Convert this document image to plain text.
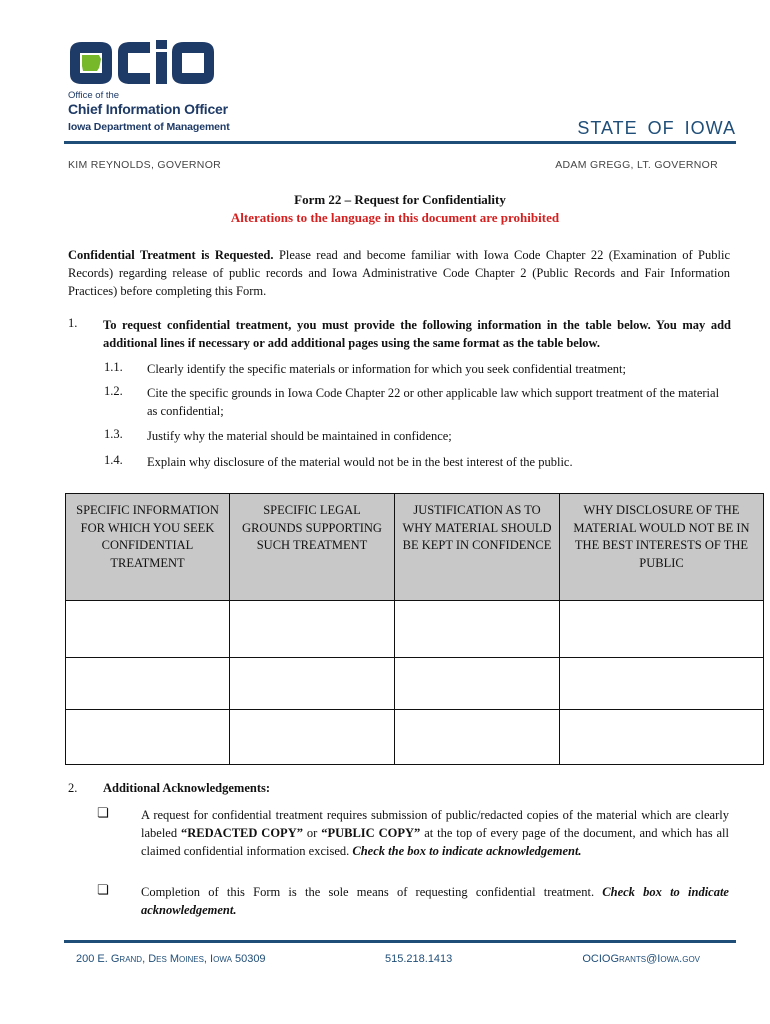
Office of the
Chief Information Officer
Iowa Department of Management	STATE OF IOWA
KIM REYNOLDS, GOVERNOR	ADAM GREGG, LT. GOVERNOR
Form 22 – Request for Confidentiality
Alterations to the language in this document are prohibited
Confidential Treatment is Requested. Please read and become familiar with Iowa Code Chapter 22 (Examination of Public Records) regarding release of public records and Iowa Administrative Code Chapter 2 (Public Records and Fair Information Practices) before completing this Form.
1. To request confidential treatment, you must provide the following information in the table below. You may add additional lines if necessary or add additional pages using the same format as the table below.
1.1. Clearly identify the specific materials or information for which you seek confidential treatment;
1.2. Cite the specific grounds in Iowa Code Chapter 22 or other applicable law which support treatment of the material as confidential;
1.3. Justify why the material should be maintained in confidence;
1.4. Explain why disclosure of the material would not be in the best interest of the public.
SPECIFIC INFORMATION FOR WHICH YOU SEEK CONFIDENTIAL TREATMENT	SPECIFIC LEGAL GROUNDS SUPPORTING SUCH TREATMENT	JUSTIFICATION AS TO WHY MATERIAL SHOULD BE KEPT IN CONFIDENCE	WHY DISCLOSURE OF THE MATERIAL WOULD NOT BE IN THE BEST INTERESTS OF THE PUBLIC

2. Additional Acknowledgements:
❏	A request for confidential treatment requires submission of public/redacted copies of the material which are clearly labeled “REDACTED COPY” or “PUBLIC COPY” at the top of every page of the document, and which has all claimed confidential information excised. Check the box to indicate acknowledgement.
❏	Completion of this Form is the sole means of requesting confidential treatment. Check box to indicate acknowledgement.
200 E. Grand, Des Moines, Iowa 50309	515.218.1413	OCIOGrants@Iowa.gov
